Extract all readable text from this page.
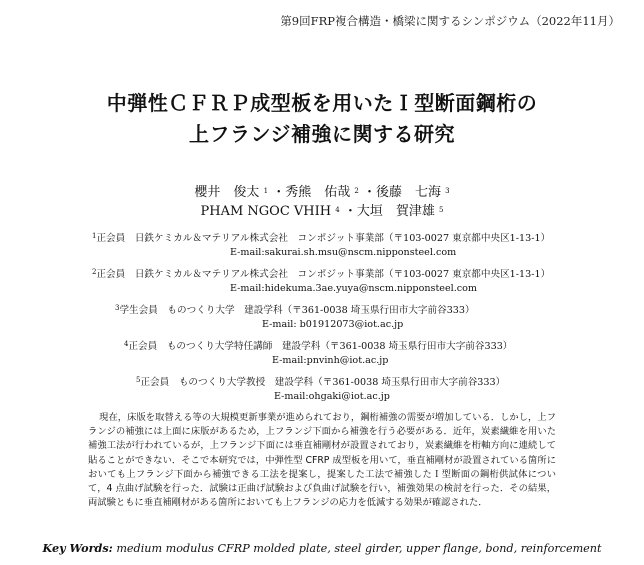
第9回FRP複合構造・橋梁に関するシンポジウム（2022年11月）
中弾性ＣＦＲＰ成型板を用いたＩ型断面鋼桁の
上フランジ補強に関する研究
櫻井　俊太 $^1$ ・秀熊　佑哉 $^2$ ・後藤　七海 $^3$
PHAM NGOC VHIH $^4$ ・大垣　賀津雄 $^5$
$^1$正会員　日鉄ケミカル＆マテリアル株式会社　コンポジット事業部（〒103-0027 東京都中央区1-13-1）
E-mail:sakurai.sh.msu@nscm.nipponsteel.com
$^2$正会員　日鉄ケミカル＆マテリアル株式会社　コンポジット事業部（〒103-0027 東京都中央区1-13-1）
E-mail:hidekuma.3ae.yuya@nscm.nipponsteel.com
$^3$学生会員　ものつくり大学　建設学科（〒361-0038 埼玉県行田市大字前谷333）
E-mail: b01912073@iot.ac.jp
$^4$正会員　ものつくり大学特任講師　建設学科（〒361-0038 埼玉県行田市大字前谷333）
E-mail:pnvinh@iot.ac.jp
$^5$正会員　ものつくり大学教授　建設学科（〒361-0038 埼玉県行田市大字前谷333）
E-mail:ohgaki@iot.ac.jp
現在，床版を取替える等の大規模更新事業が進められており，鋼桁補強の需要が増加している．しかし，上フランジの補強には上面に床版があるため，上フランジ下面から補強を行う必要がある．近年，炭素繊維を用いた補強工法が行われているが，上フランジ下面には垂直補剛材が設置されており，炭素繊維を桁軸方向に連続して貼ることができない．そこで本研究では，中弾性型 CFRP 成型板を用いて，垂直補剛材が設置されている箇所においても上フランジ下面から補強できる工法を提案し，提案した工法で補強したＩ型断面の鋼桁供試体について，4 点曲げ試験を行った．試験は正曲げ試験および負曲げ試験を行い，補強効果の検討を行った．その結果，両試験ともに垂直補剛材がある箇所においても上フランジの応力を低減する効果が確認された．
Key Words: medium modulus CFRP molded plate, steel girder, upper flange, bond, reinforcement
